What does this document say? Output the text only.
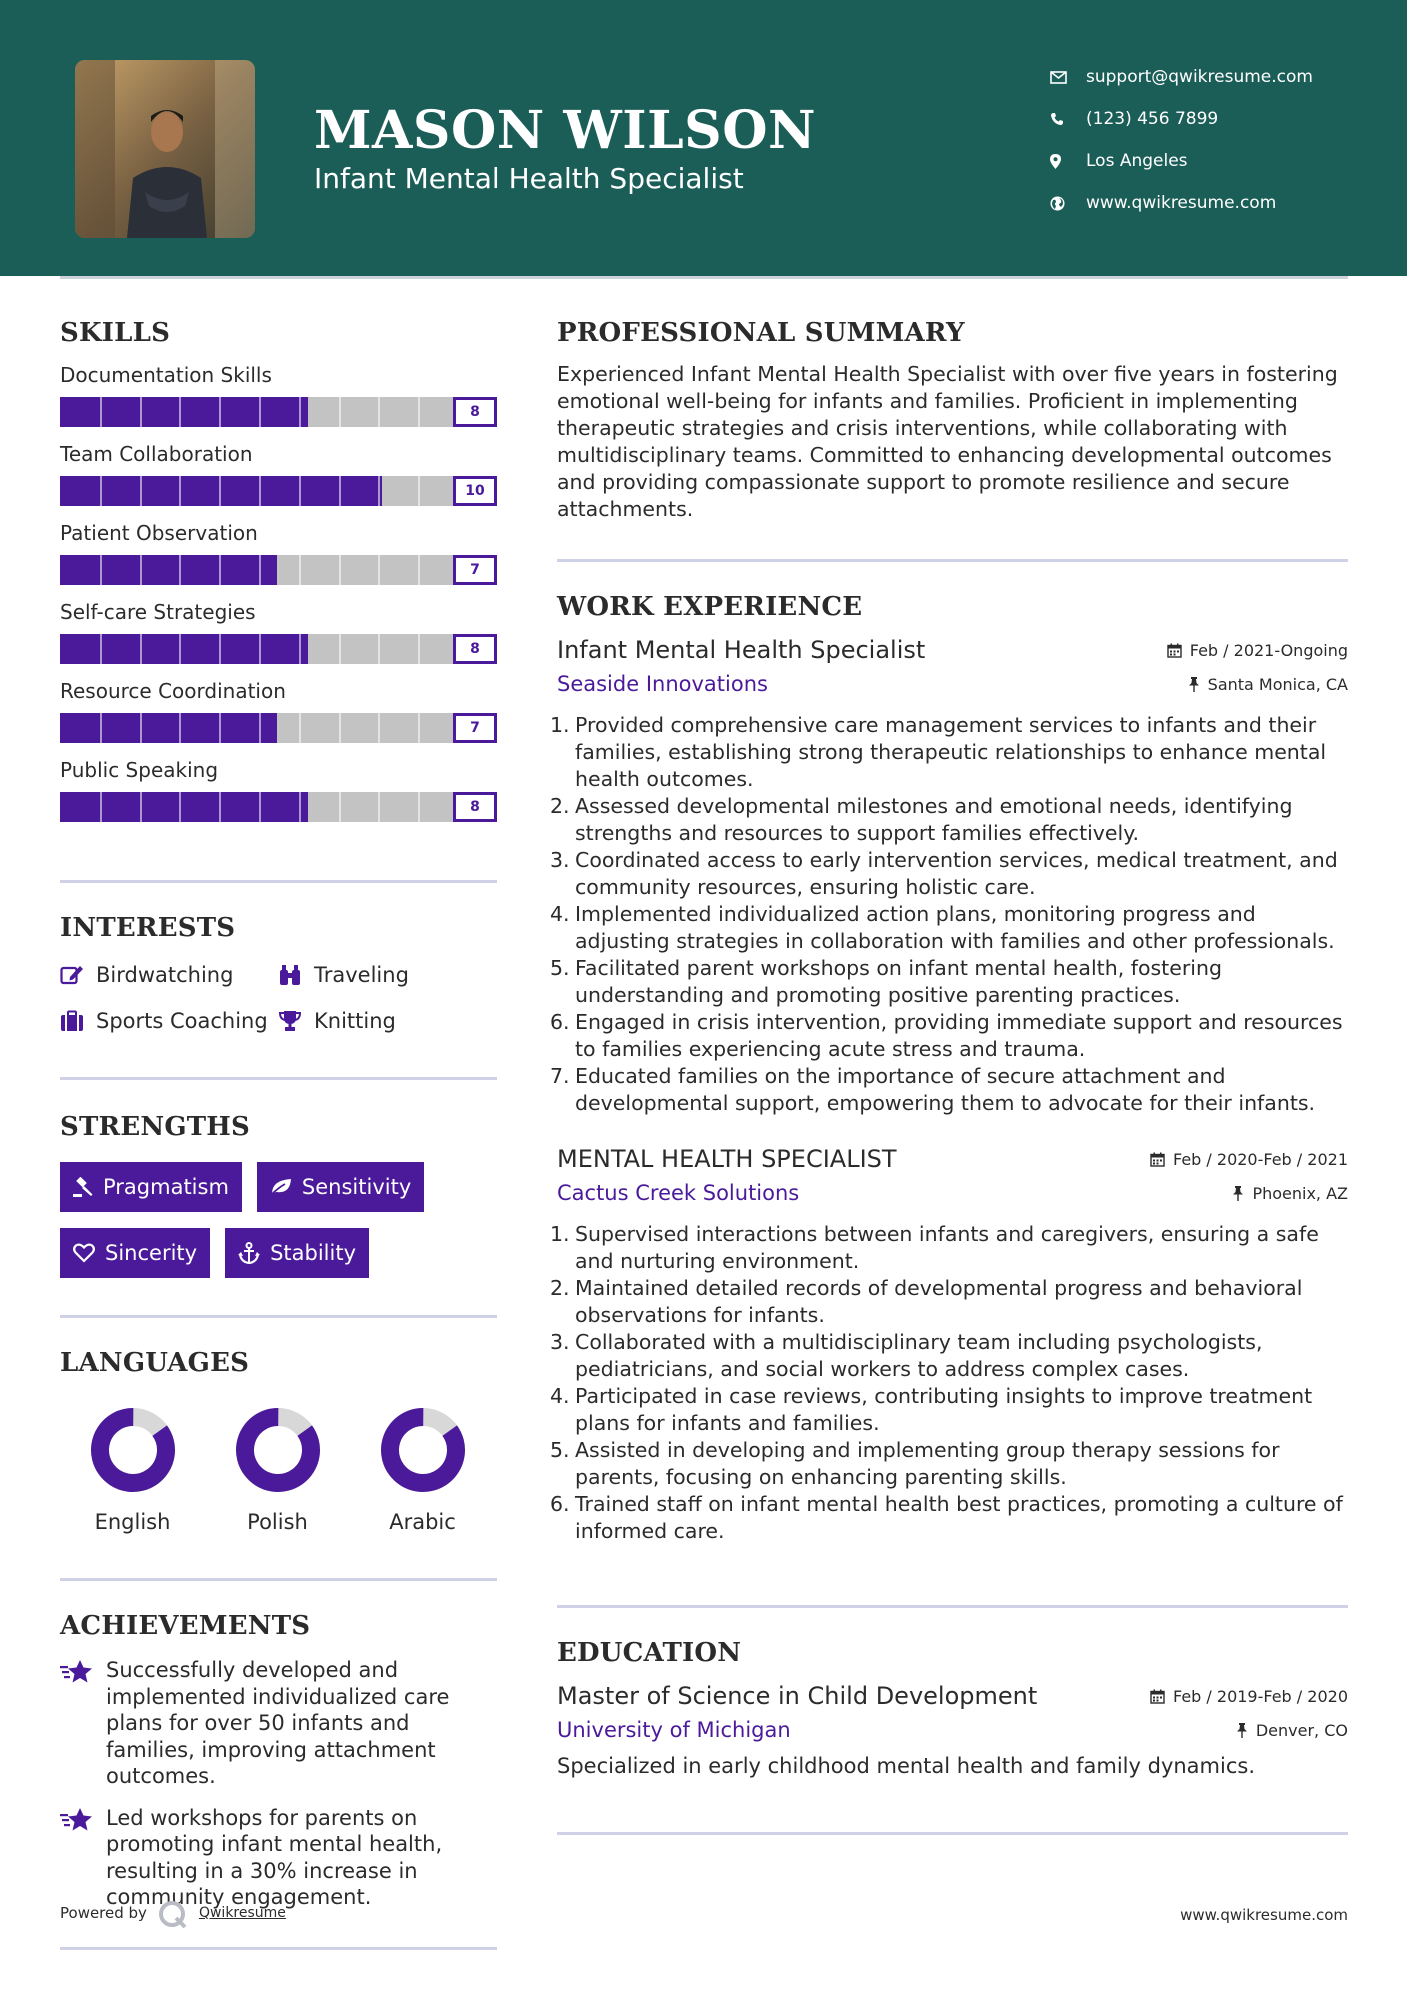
MASON WILSON
Infant Mental Health Specialist
support@qwikresume.com
(123) 456 7899
Los Angeles
www.qwikresume.com
SKILLS
Documentation Skills
8
Team Collaboration
10
Patient Observation
7
Self-care Strategies
8
Resource Coordination
7
Public Speaking
8
INTERESTS
Birdwatching	Traveling
Sports Coaching Knitting
STRENGTHS
Pragmatism	Sensitivity
Sincerity	Stability
LANGUAGES
English	Polish	Arabic
ACHIEVEMENTS

Successfully developed and implemented individualized care plans for over 50 infants and families, improving attachment outcomes.

Led workshops for parents on promoting infant mental health, resulting in a 30% increase in community engagement.

PROFESSIONAL SUMMARY

Experienced Infant Mental Health Specialist with over five years in fostering emotional well-being for infants and families. Proficient in implementing therapeutic strategies and crisis interventions, while collaborating with multidisciplinary teams. Committed to enhancing developmental outcomes and providing compassionate support to promote resilience and secure attachments.

WORK EXPERIENCE
Infant Mental Health Specialist	Feb / 2021-Ongoing
Seaside Innovations	Santa Monica, CA
1. Provided comprehensive care management services to infants and their families, establishing strong therapeutic relationships to enhance mental health outcomes.
2. Assessed developmental milestones and emotional needs, identifying strengths and resources to support families effectively.
3. Coordinated access to early intervention services, medical treatment, and community resources, ensuring holistic care.
4. Implemented individualized action plans, monitoring progress and adjusting strategies in collaboration with families and other professionals.
5. Facilitated parent workshops on infant mental health, fostering understanding and promoting positive parenting practices.
6. Engaged in crisis intervention, providing immediate support and resources to families experiencing acute stress and trauma.
7. Educated families on the importance of secure attachment and developmental support, empowering them to advocate for their infants.
MENTAL HEALTH SPECIALIST	Feb / 2020-Feb / 2021
Cactus Creek Solutions	Phoenix, AZ
1. Supervised interactions between infants and caregivers, ensuring a safe and nurturing environment.
2. Maintained detailed records of developmental progress and behavioral observations for infants.
3. Collaborated with a multidisciplinary team including psychologists, pediatricians, and social workers to address complex cases.
4. Participated in case reviews, contributing insights to improve treatment plans for infants and families.
5. Assisted in developing and implementing group therapy sessions for parents, focusing on enhancing parenting skills.
6. Trained staff on infant mental health best practices, promoting a culture of informed care.
EDUCATION
Master of Science in Child Development	Feb / 2019-Feb / 2020
University of Michigan	Denver, CO

Specialized in early childhood mental health and family dynamics.

Powered by	Qwikresume	www.qwikresume.com
